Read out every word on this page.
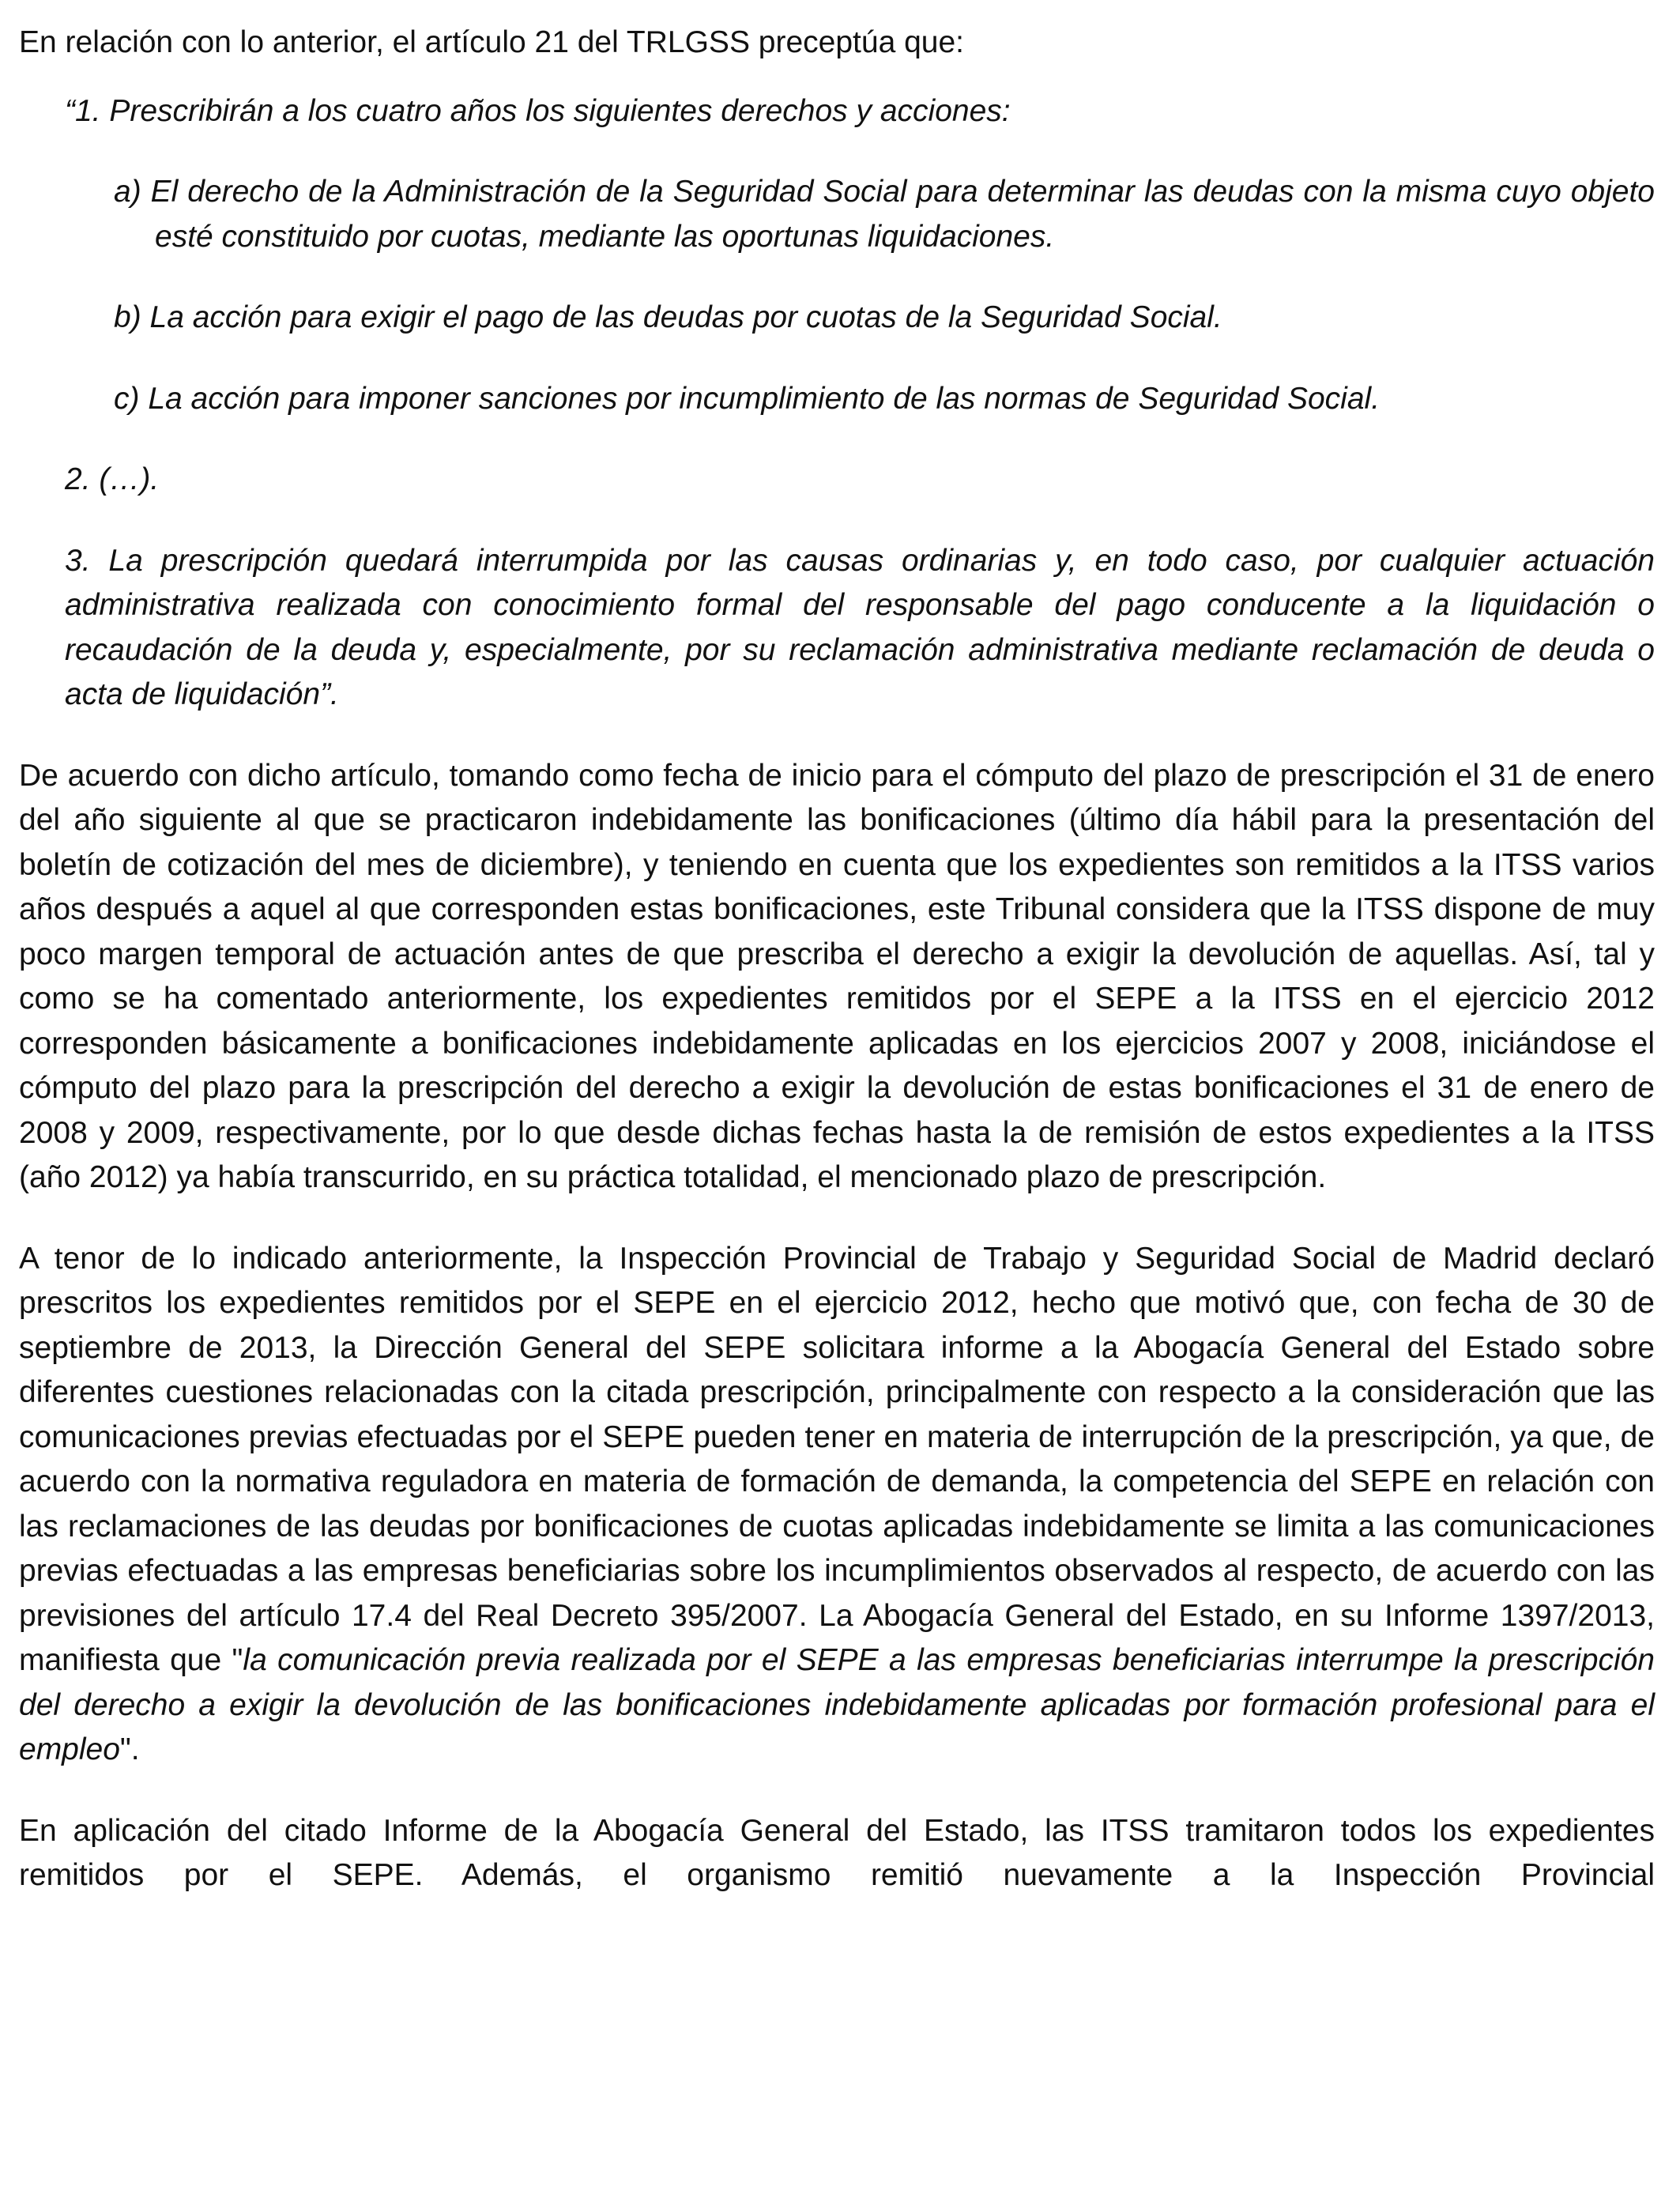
En relación con lo anterior, el artículo 21 del TRLGSS preceptúa que:

“1. Prescribirán a los cuatro años los siguientes derechos y acciones:

a) El derecho de la Administración de la Seguridad Social para determinar las deudas con la misma cuyo objeto esté constituido por cuotas, mediante las oportunas liquidaciones.

b) La acción para exigir el pago de las deudas por cuotas de la Seguridad Social.

c) La acción para imponer sanciones por incumplimiento de las normas de Seguridad Social.

2. (…).

3. La prescripción quedará interrumpida por las causas ordinarias y, en todo caso, por cualquier actuación administrativa realizada con conocimiento formal del responsable del pago conducente a la liquidación o recaudación de la deuda y, especialmente, por su reclamación administrativa mediante reclamación de deuda o acta de liquidación”.

De acuerdo con dicho artículo, tomando como fecha de inicio para el cómputo del plazo de prescripción el 31 de enero del año siguiente al que se practicaron indebidamente las bonificaciones (último día hábil para la presentación del boletín de cotización del mes de diciembre), y teniendo en cuenta que los expedientes son remitidos a la ITSS varios años después a aquel al que corresponden estas bonificaciones, este Tribunal considera que la ITSS dispone de muy poco margen temporal de actuación antes de que prescriba el derecho a exigir la devolución de aquellas. Así, tal y como se ha comentado anteriormente, los expedientes remitidos por el SEPE a la ITSS en el ejercicio 2012 corresponden básicamente a bonificaciones indebidamente aplicadas en los ejercicios 2007 y 2008, iniciándose el cómputo del plazo para la prescripción del derecho a exigir la devolución de estas bonificaciones el 31 de enero de 2008 y 2009, respectivamente, por lo que desde dichas fechas hasta la de remisión de estos expedientes a la ITSS (año 2012) ya había transcurrido, en su práctica totalidad, el mencionado plazo de prescripción.

A tenor de lo indicado anteriormente, la Inspección Provincial de Trabajo y Seguridad Social de Madrid declaró prescritos los expedientes remitidos por el SEPE en el ejercicio 2012, hecho que motivó que, con fecha de 30 de septiembre de 2013, la Dirección General del SEPE solicitara informe a la Abogacía General del Estado sobre diferentes cuestiones relacionadas con la citada prescripción, principalmente con respecto a la consideración que las comunicaciones previas efectuadas por el SEPE pueden tener en materia de interrupción de la prescripción, ya que, de acuerdo con la normativa reguladora en materia de formación de demanda, la competencia del SEPE en relación con las reclamaciones de las deudas por bonificaciones de cuotas aplicadas indebidamente se limita a las comunicaciones previas efectuadas a las empresas beneficiarias sobre los incumplimientos observados al respecto, de acuerdo con las previsiones del artículo 17.4 del Real Decreto 395/2007. La Abogacía General del Estado, en su Informe 1397/2013, manifiesta que "la comunicación previa realizada por el SEPE a las empresas beneficiarias interrumpe la prescripción del derecho a exigir la devolución de las bonificaciones indebidamente aplicadas por formación profesional para el empleo".

En aplicación del citado Informe de la Abogacía General del Estado, las ITSS tramitaron todos los expedientes remitidos por el SEPE. Además, el organismo remitió nuevamente a la Inspección Provincial
